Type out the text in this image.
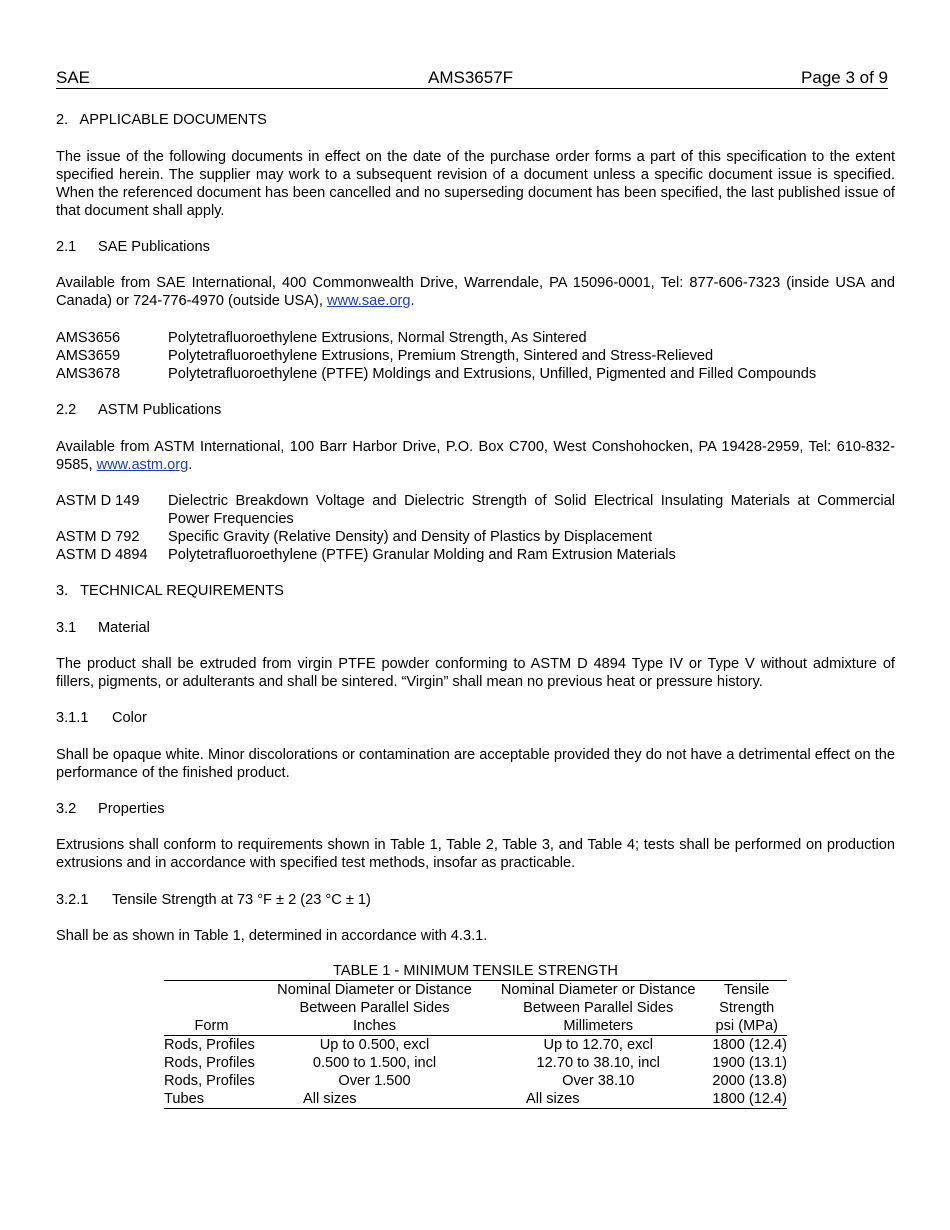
SAE	AMS3657F	Page 3 of 9
2. APPLICABLE DOCUMENTS
The issue of the following documents in effect on the date of the purchase order forms a part of this specification to the extent specified herein. The supplier may work to a subsequent revision of a document unless a specific document issue is specified. When the referenced document has been cancelled and no superseding document has been specified, the last published issue of that document shall apply.
2.1 SAE Publications
Available from SAE International, 400 Commonwealth Drive, Warrendale, PA 15096-0001, Tel: 877-606-7323 (inside USA and Canada) or 724-776-4970 (outside USA), www.sae.org.
AMS3656	Polytetrafluoroethylene Extrusions, Normal Strength, As Sintered
AMS3659	Polytetrafluoroethylene Extrusions, Premium Strength, Sintered and Stress-Relieved
AMS3678	Polytetrafluoroethylene (PTFE) Moldings and Extrusions, Unfilled, Pigmented and Filled Compounds
2.2 ASTM Publications
Available from ASTM International, 100 Barr Harbor Drive, P.O. Box C700, West Conshohocken, PA 19428-2959, Tel: 610-832-9585, www.astm.org.
ASTM D 149 Dielectric Breakdown Voltage and Dielectric Strength of Solid Electrical Insulating Materials at Commercial Power Frequencies
ASTM D 792 Specific Gravity (Relative Density) and Density of Plastics by Displacement
ASTM D 4894 Polytetrafluoroethylene (PTFE) Granular Molding and Ram Extrusion Materials
3. TECHNICAL REQUIREMENTS
3.1 Material
The product shall be extruded from virgin PTFE powder conforming to ASTM D 4894 Type IV or Type V without admixture of fillers, pigments, or adulterants and shall be sintered. “Virgin” shall mean no previous heat or pressure history.
3.1.1 Color
Shall be opaque white. Minor discolorations or contamination are acceptable provided they do not have a detrimental effect on the performance of the finished product.
3.2 Properties
Extrusions shall conform to requirements shown in Table 1, Table 2, Table 3, and Table 4; tests shall be performed on production extrusions and in accordance with specified test methods, insofar as practicable.
3.2.1 Tensile Strength at 73 °F ± 2 (23 °C ± 1)
Shall be as shown in Table 1, determined in accordance with 4.3.1.
TABLE 1 - MINIMUM TENSILE STRENGTH
	Nominal Diameter or Distance	Nominal Diameter or Distance	Tensile
	Between Parallel Sides	Between Parallel Sides	Strength
Form	Inches	Millimeters	psi (MPa)
Rods, Profiles	Up to 0.500, excl	Up to 12.70, excl	1800 (12.4)
Rods, Profiles	0.500 to 1.500, incl	12.70 to 38.10, incl	1900 (13.1)
Rods, Profiles	Over 1.500	Over 38.10	2000 (13.8)
Tubes	All sizes	All sizes	1800 (12.4)
